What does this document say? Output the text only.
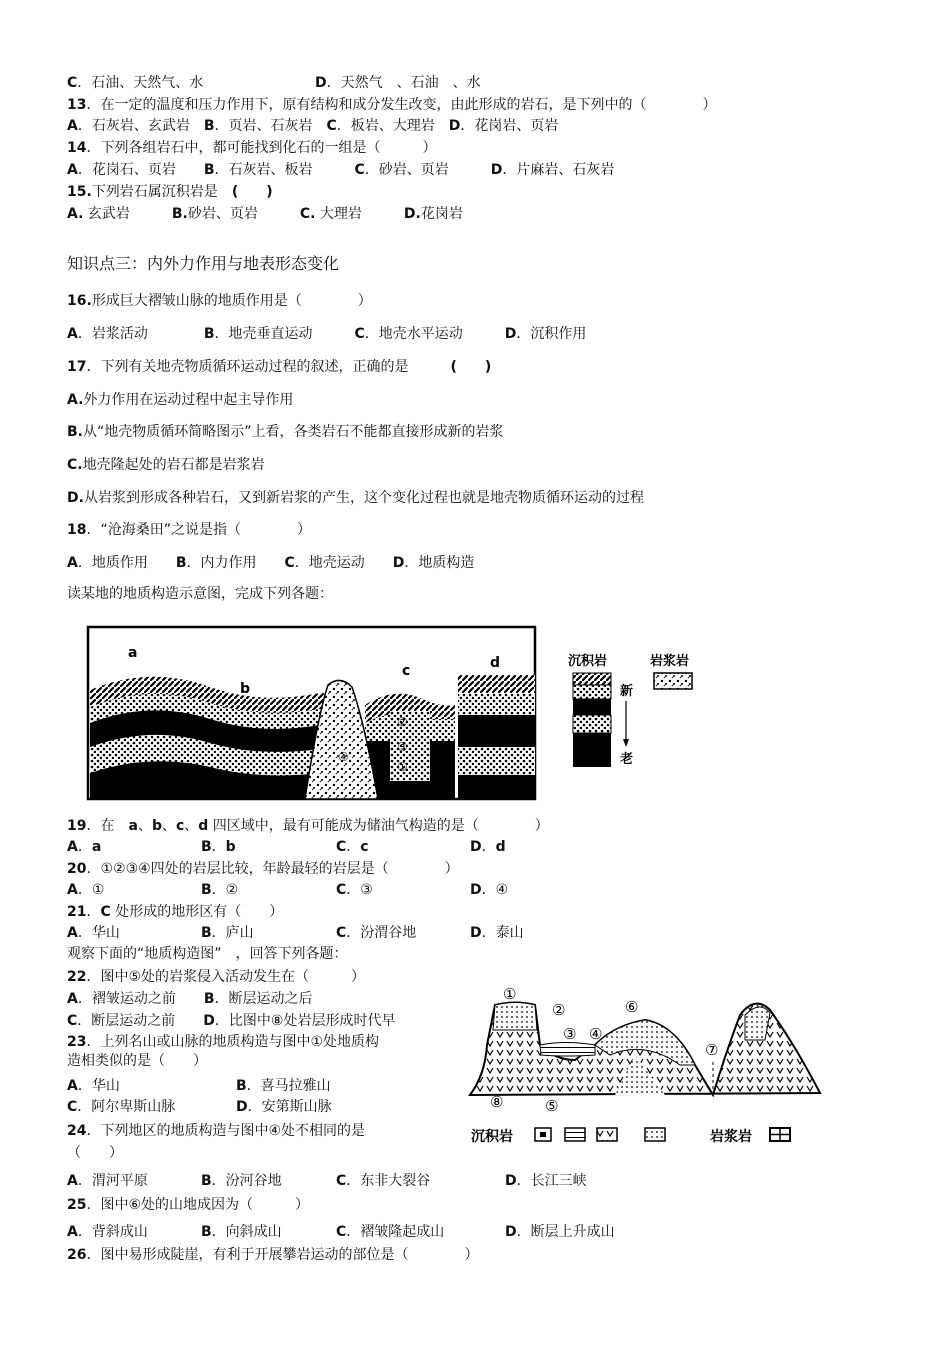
C．石油、天然气、水	D．天然气　、石油　、水
13．在一定的温度和压力作用下，原有结构和成分发生改变，由此形成的岩石，是下列中的（　　　　）
A．石灰岩、玄武岩　B．页岩、石灰岩　C．板岩、大理岩　D．花岗岩、页岩
14．下列各组岩石中，都可能找到化石的一组是（　　　）
A．花岗石、页岩　　B．石灰岩、板岩　　　C．砂岩、页岩　　　D．片麻岩、石灰岩
15.下列岩石属沉积岩是　(　　)
A. 玄武岩　　　B.砂岩、页岩　　　C. 大理岩　　　D.花岗岩
16.形成巨大褶皱山脉的地质作用是（　　　　）
A．岩浆活动　　　　B．地壳垂直运动　　　C．地壳水平运动　　　D．沉积作用
17．下列有关地壳物质循环运动过程的叙述，正确的是　　　(　　)
A.外力作用在运动过程中起主导作用
B.从“地壳物质循环简略图示”上看，各类岩石不能都直接形成新的岩浆
C.地壳隆起处的岩石都是岩浆岩
D.从岩浆到形成各种岩石，又到新岩浆的产生，这个变化过程也就是地壳物质循环运动的过程
18．“沧海桑田”之说是指（　　　　）
A．地质作用　　B．内力作用　　C．地壳运动　　D．地质构造
读某地的地质构造示意图，完成下列各题：
19．在　a、b、c、d 四区域中，最有可能成为储油气构造的是（　　　　）
A．a	B．b	C．c	D．d
20．①②③④四处的岩层比较，年龄最轻的岩层是（　　　　）
A．①	B．②	C．③	D．④
21．C 处形成的地形区有（　　）
A．华山	B．庐山	C．汾渭谷地	D．泰山
观察下面的“地质构造图”　，回答下列各题：
22．图中⑤处的岩浆侵入活动发生在（　　　）
A．褶皱运动之前　　B．断层运动之后
C．断层运动之前　　D．比图中⑧处岩层形成时代早
23．上列名山或山脉的地质构造与图中①处地质构
造相类似的是（　　）
A．华山	B．喜马拉雅山
C．阿尔卑斯山脉	D．安第斯山脉
24．下列地区的地质构造与图中④处不相同的是
（　　）
A．渭河平原	B．汾河谷地	C．东非大裂谷	D．长江三峡
25．图中⑥处的山地成因为（　　　）
A．背斜成山	B．向斜成山	C．褶皱隆起成山	D．断层上升成山
26．图中易形成陡崖，有利于开展攀岩运动的部位是（　　　　）
知识点三：内外力作用与地表形态变化
a
b
c	d
②
③
①
④
沉积岩	岩浆岩
新
老
①
②
③ ④
⑥
⑦
⑧	⑤
沉积岩	岩浆岩
